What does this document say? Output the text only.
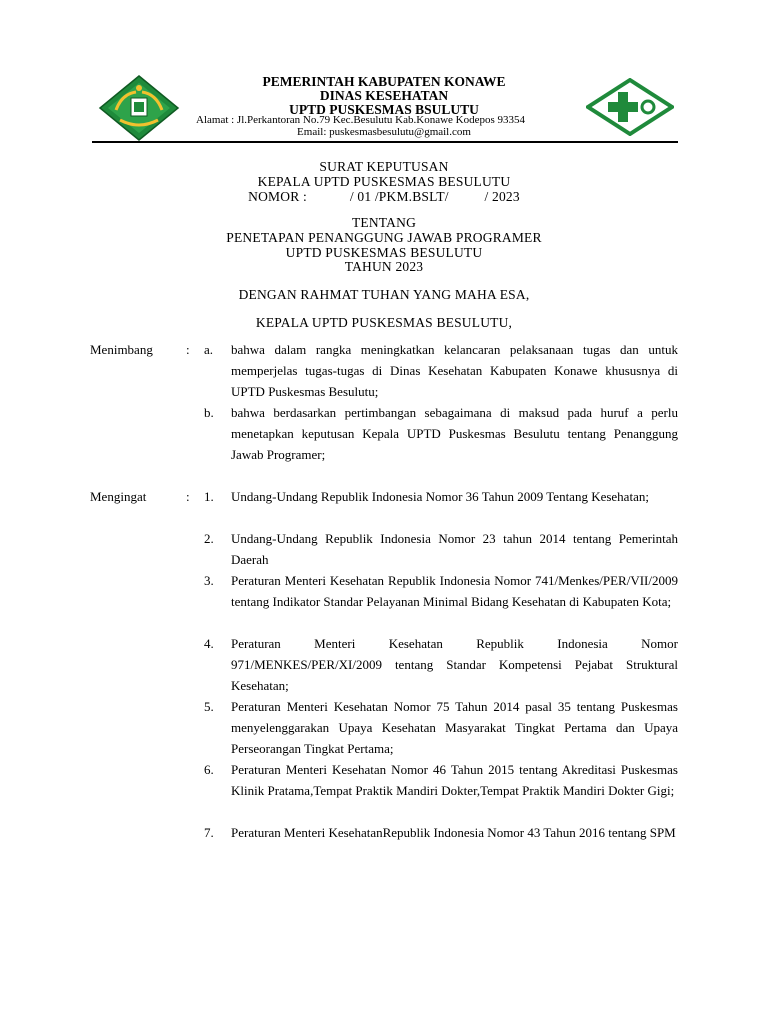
PEMERINTAH KABUPATEN KONAWE
DINAS KESEHATAN
UPTD PUSKESMAS BSULUTU
Alamat : Jl.Perkantoran No.79 Kec.Besulutu Kab.Konawe Kodepos 93354
Email: puskesmasbesulutu@gmail.com
SURAT KEPUTUSAN
KEPALA UPTD PUSKESMAS BESULUTU
NOMOR :            / 01 /PKM.BSLT/          / 2023
TENTANG
PENETAPAN PENANGGUNG JAWAB PROGRAMER
UPTD PUSKESMAS BESULUTU
TAHUN 2023
DENGAN RAHMAT TUHAN YANG MAHA ESA,
KEPALA UPTD PUSKESMAS BESULUTU,
Menimbang	: a. bahwa dalam rangka meningkatkan kelancaran pelaksanaan tugas dan untuk memperjelas tugas-tugas di Dinas Kesehatan Kabupaten Konawe khususnya di UPTD Puskesmas Besulutu;
b. bahwa berdasarkan pertimbangan sebagaimana di maksud pada huruf a perlu menetapkan keputusan Kepala UPTD Puskesmas Besulutu tentang Penanggung Jawab Programer;
Mengingat	: 1. Undang-Undang Republik Indonesia Nomor 36 Tahun 2009 Tentang Kesehatan;
2. Undang-Undang Republik Indonesia Nomor 23 tahun 2014 tentang Pemerintah Daerah
3. Peraturan Menteri Kesehatan Republik Indonesia Nomor 741/Menkes/PER/VII/2009 tentang Indikator Standar Pelayanan Minimal Bidang Kesehatan di Kabupaten Kota;
4. Peraturan Menteri Kesehatan Republik Indonesia Nomor 971/MENKES/PER/XI/2009 tentang Standar Kompetensi Pejabat Struktural Kesehatan;
5. Peraturan Menteri Kesehatan Nomor 75 Tahun 2014 pasal 35 tentang Puskesmas menyelenggarakan Upaya Kesehatan Masyarakat Tingkat Pertama dan Upaya Perseorangan Tingkat Pertama;
6. Peraturan Menteri Kesehatan Nomor 46 Tahun 2015 tentang Akreditasi Puskesmas Klinik Pratama,Tempat Praktik Mandiri Dokter,Tempat Praktik Mandiri Dokter Gigi;
7. Peraturan Menteri KesehatanRepublik Indonesia Nomor 43 Tahun 2016 tentang SPM
